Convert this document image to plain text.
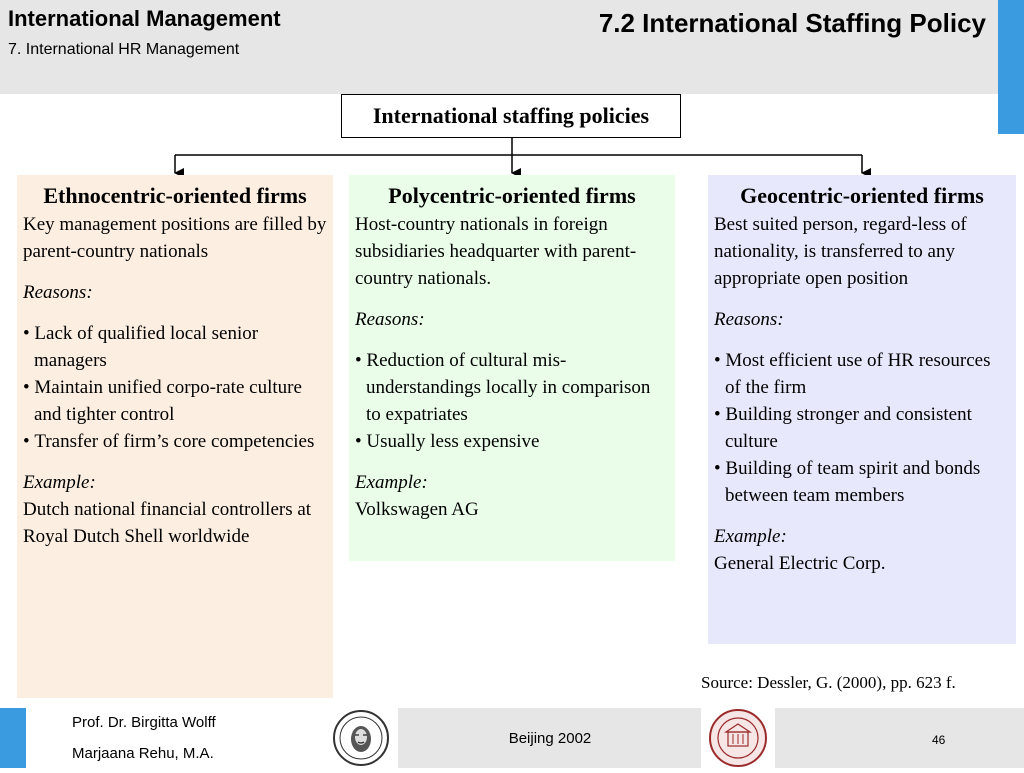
International Management
7. International HR Management
7.2 International Staffing Policy
International staffing policies
Ethnocentric-oriented firms

Key management positions are filled by parent-country nationals

Reasons:

• Lack of qualified local senior managers
• Maintain unified corpo-rate culture and tighter control
• Transfer of firm’s core competencies

Example:

Dutch national financial controllers at Royal Dutch Shell worldwide

Polycentric-oriented firms

Host-country nationals in foreign subsidiaries headquarter with parent-country nationals.

Reasons:

• Reduction of cultural mis-understandings locally in comparison to expatriates
• Usually less expensive

Example:

Volkswagen AG

Geocentric-oriented firms

Best suited person, regard-less of nationality, is transferred to any appropriate open position

Reasons:

• Most efficient use of HR resources of the firm
• Building stronger and consistent culture
• Building of team spirit and bonds between team members

Example:

General Electric Corp.

Source: Dessler, G. (2000), pp. 623 f.
Prof. Dr. Birgitta Wolff
Marjaana Rehu, M.A.
Beijing 2002	46
